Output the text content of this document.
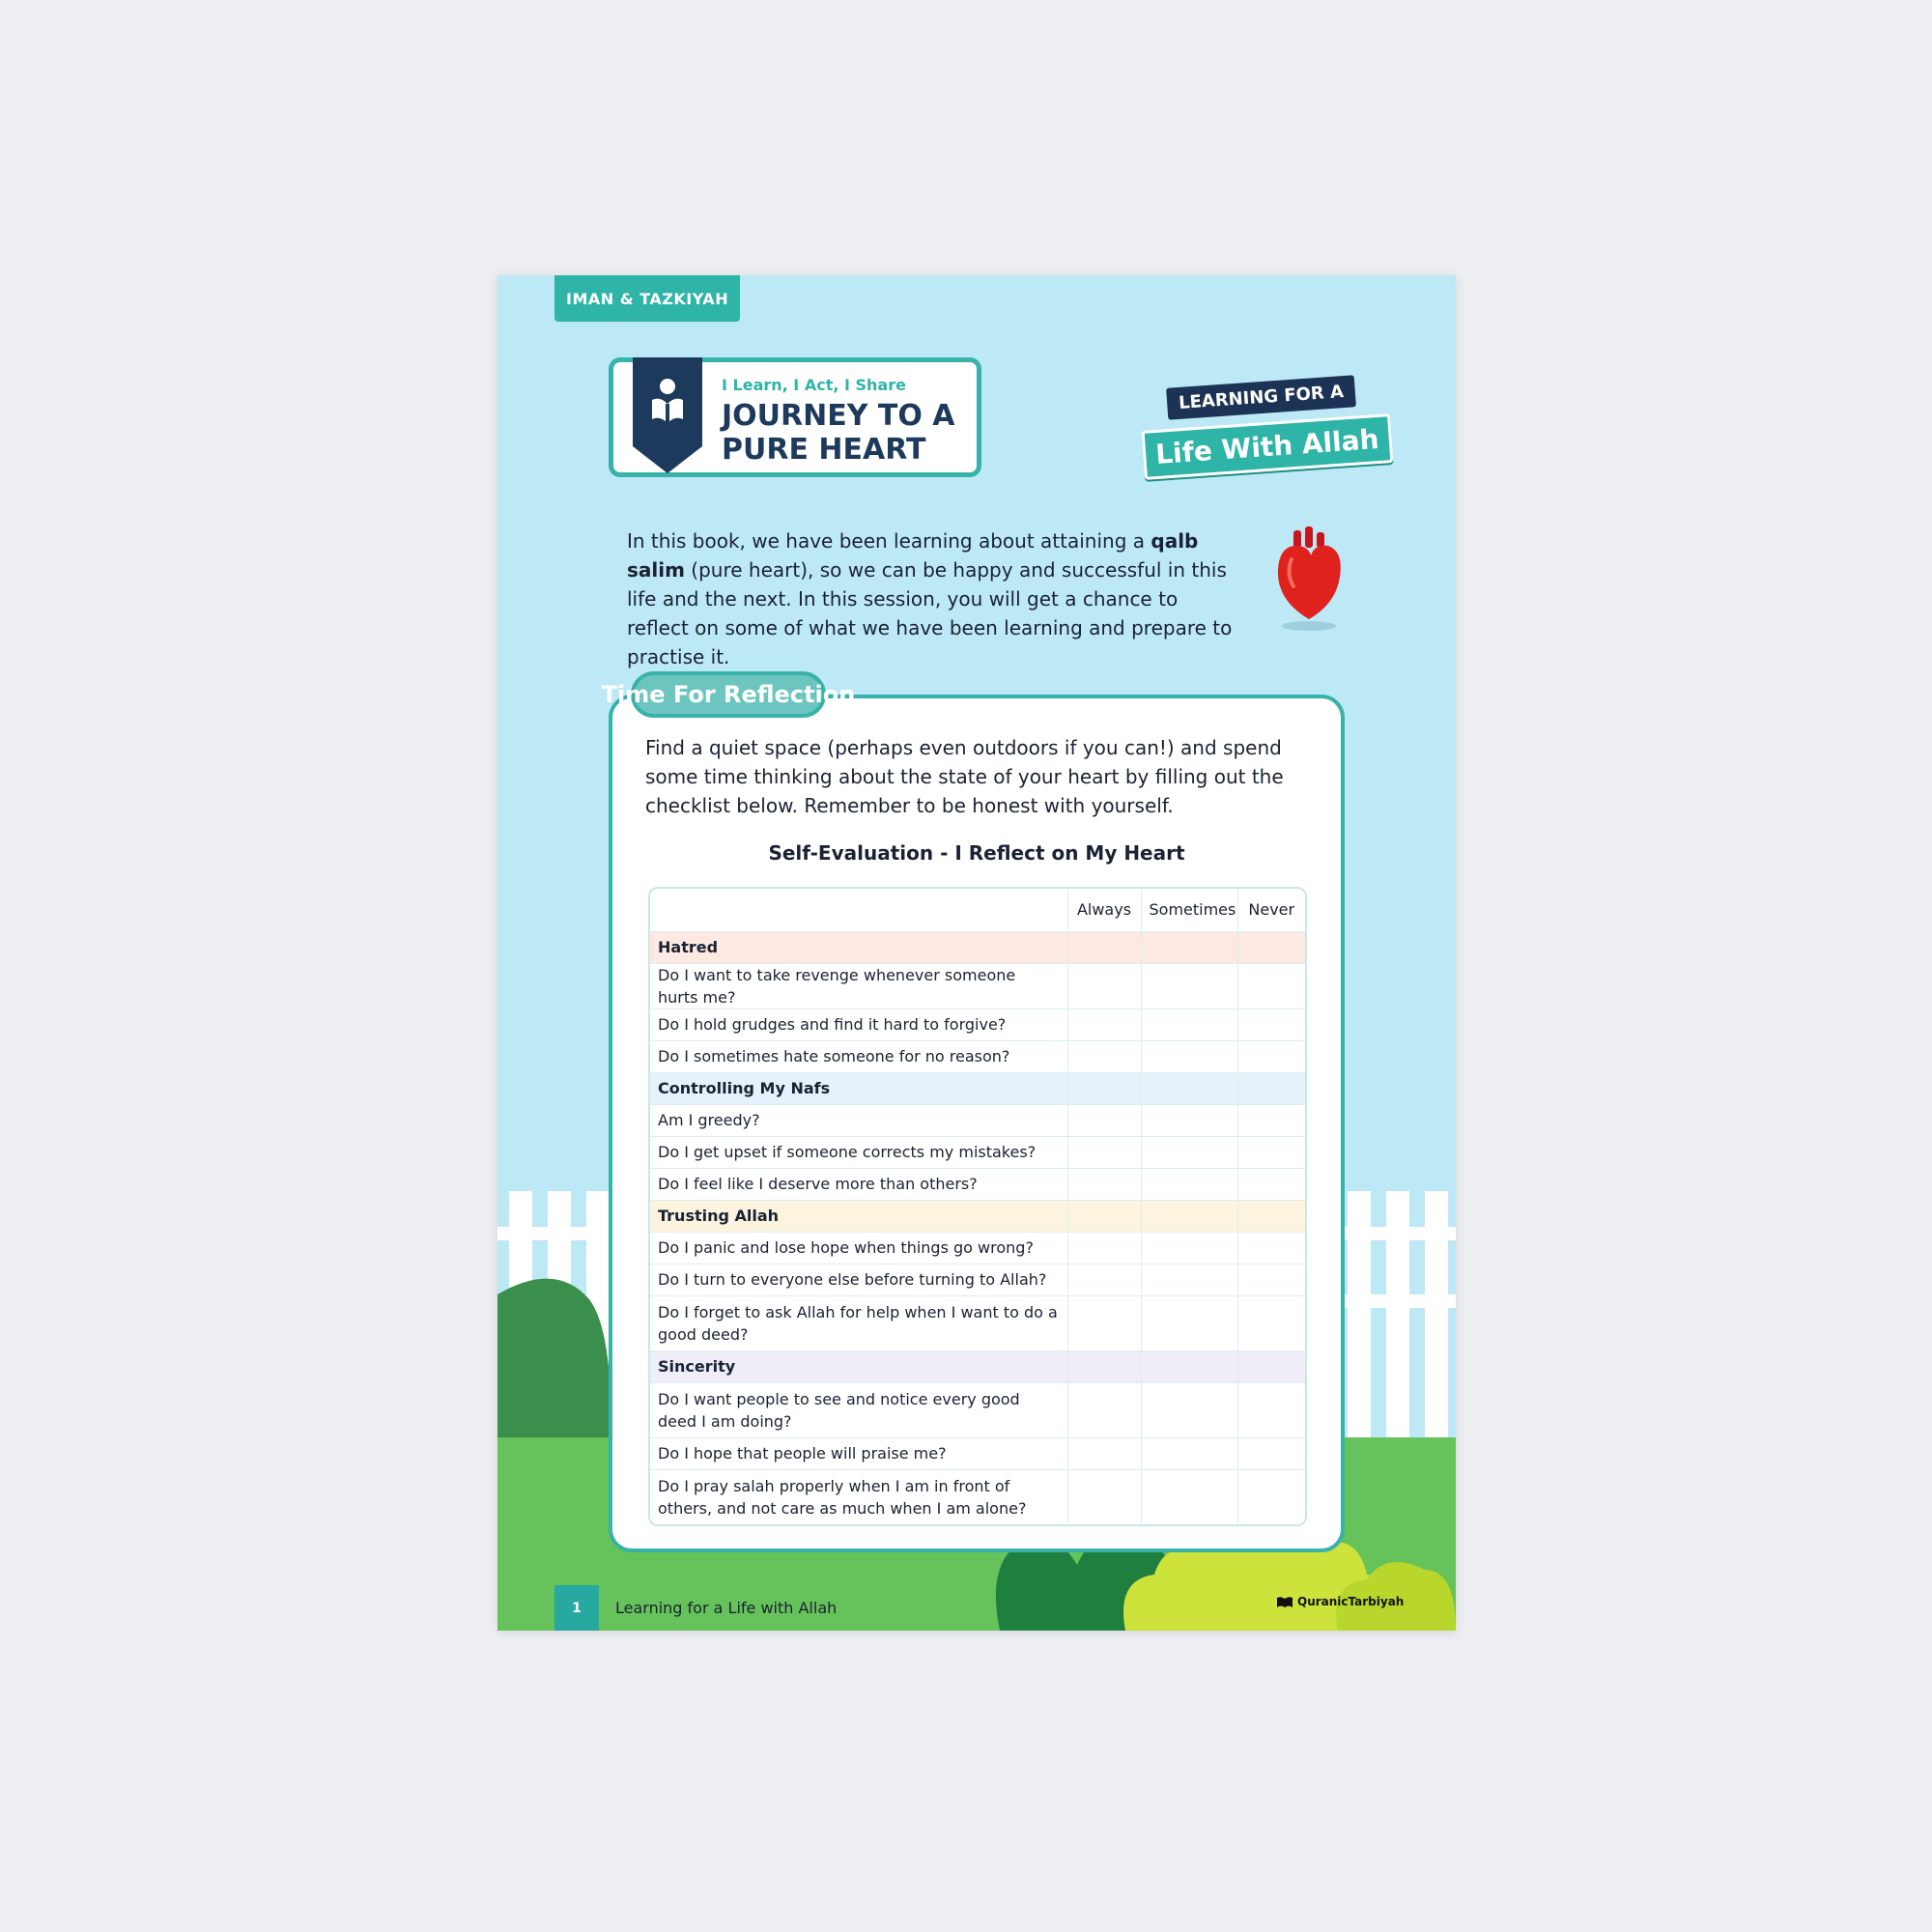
IMAN & TAZKIYAH
I Learn, I Act, I Share
JOURNEY TO A PURE HEART
LEARNING FOR A
Life With Allah
In this book, we have been learning about attaining a qalb salim (pure heart), so we can be happy and successful in this life and the next. In this session, you will get a chance to reflect on some of what we have been learning and prepare to practise it.
Find a quiet space (perhaps even outdoors if you can!) and spend some time thinking about the state of your heart by filling out the checklist below. Remember to be honest with yourself.
Self-Evaluation - I Reflect on My Heart
	Always	Sometimes	Never
Hatred			
Do I want to take revenge whenever someone hurts me?			
Do I hold grudges and find it hard to forgive?			
Do I sometimes hate someone for no reason?			
Controlling My Nafs			
Am I greedy?			
Do I get upset if someone corrects my mistakes?			
Do I feel like I deserve more than others?			
Trusting Allah			
Do I panic and lose hope when things go wrong?			
Do I turn to everyone else before turning to Allah?			
Do I forget to ask Allah for help when I want to do a good deed?			
Sincerity			
Do I want people to see and notice every good deed I am doing?			
Do I hope that people will praise me?			
Do I pray salah properly when I am in front of others, and not care as much when I am alone?			
Time For Reflection
1	Learning for a Life with Allah	QuranicTarbiyah
